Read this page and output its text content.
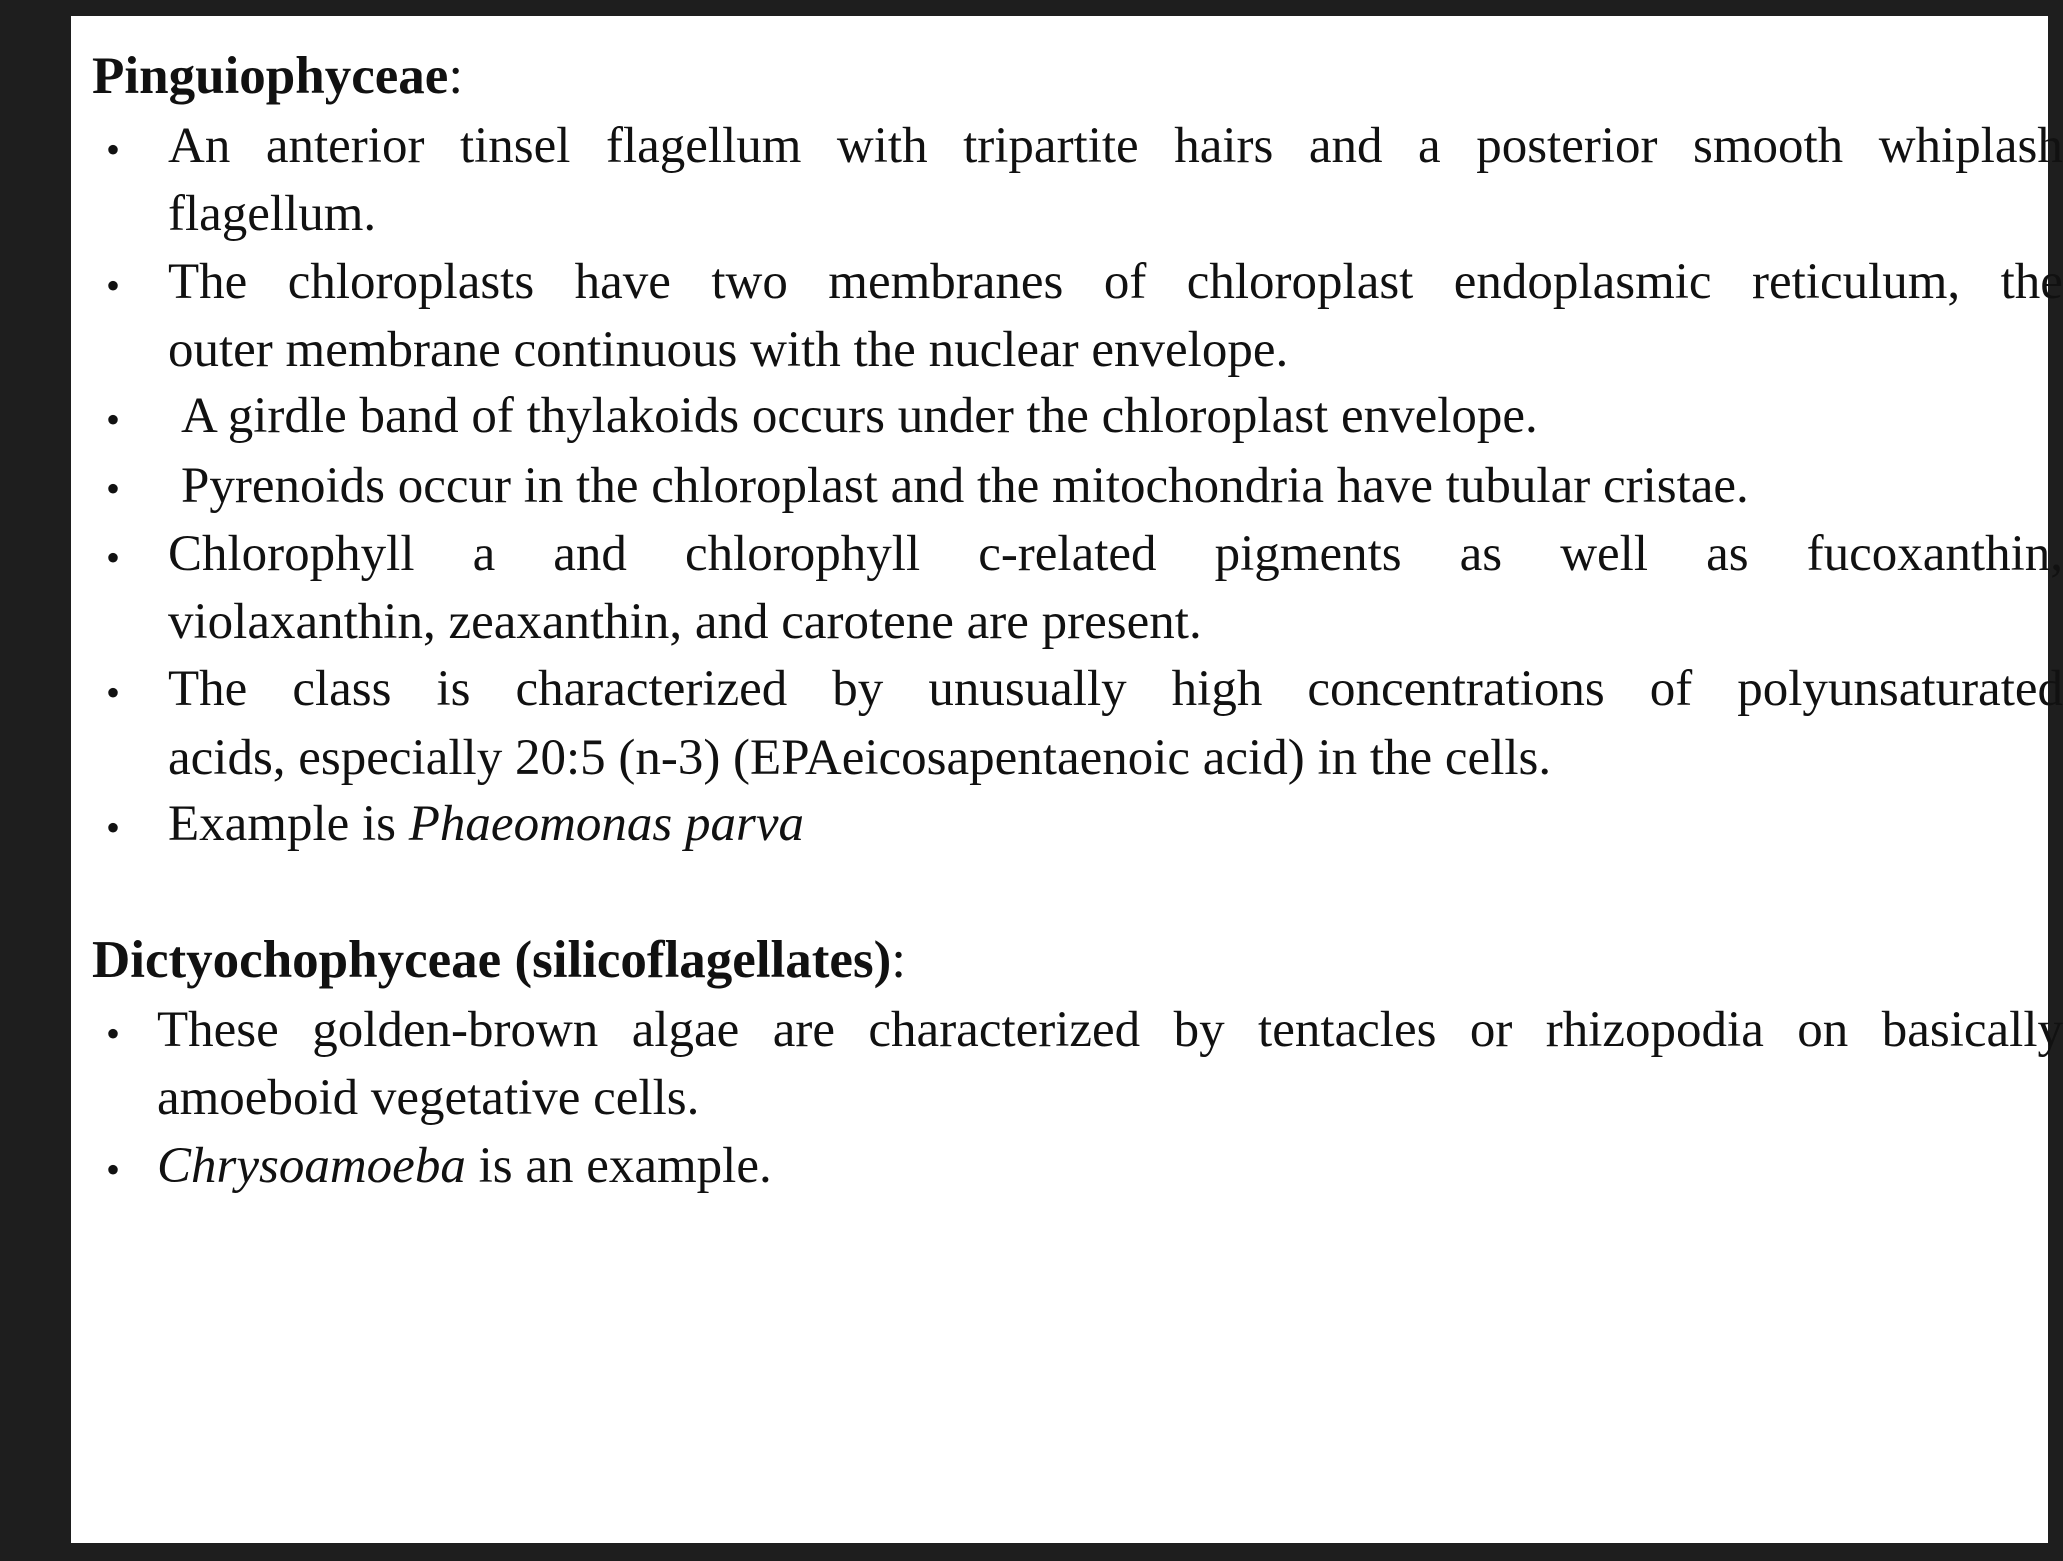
Pinguiophyceae:
• An anterior tinsel flagellum with tripartite hairs and a posterior smooth whiplash
flagellum.
• The chloroplasts have two membranes of chloroplast endoplasmic reticulum, the
outer membrane continuous with the nuclear envelope.
• A girdle band of thylakoids occurs under the chloroplast envelope.
• Pyrenoids occur in the chloroplast and the mitochondria have tubular cristae.
• Chlorophyll a and chlorophyll c-related pigments as well as fucoxanthin,
violaxanthin, zeaxanthin, and carotene are present.
• The class is characterized by unusually high concentrations of polyunsaturated
acids, especially 20:5 (n-3) (EPAeicosapentaenoic acid) in the cells.
• Example is Phaeomonas parva
Dictyochophyceae (silicoflagellates):
• These golden-brown algae are characterized by tentacles or rhizopodia on basically
amoeboid vegetative cells.
• Chrysoamoeba is an example.
